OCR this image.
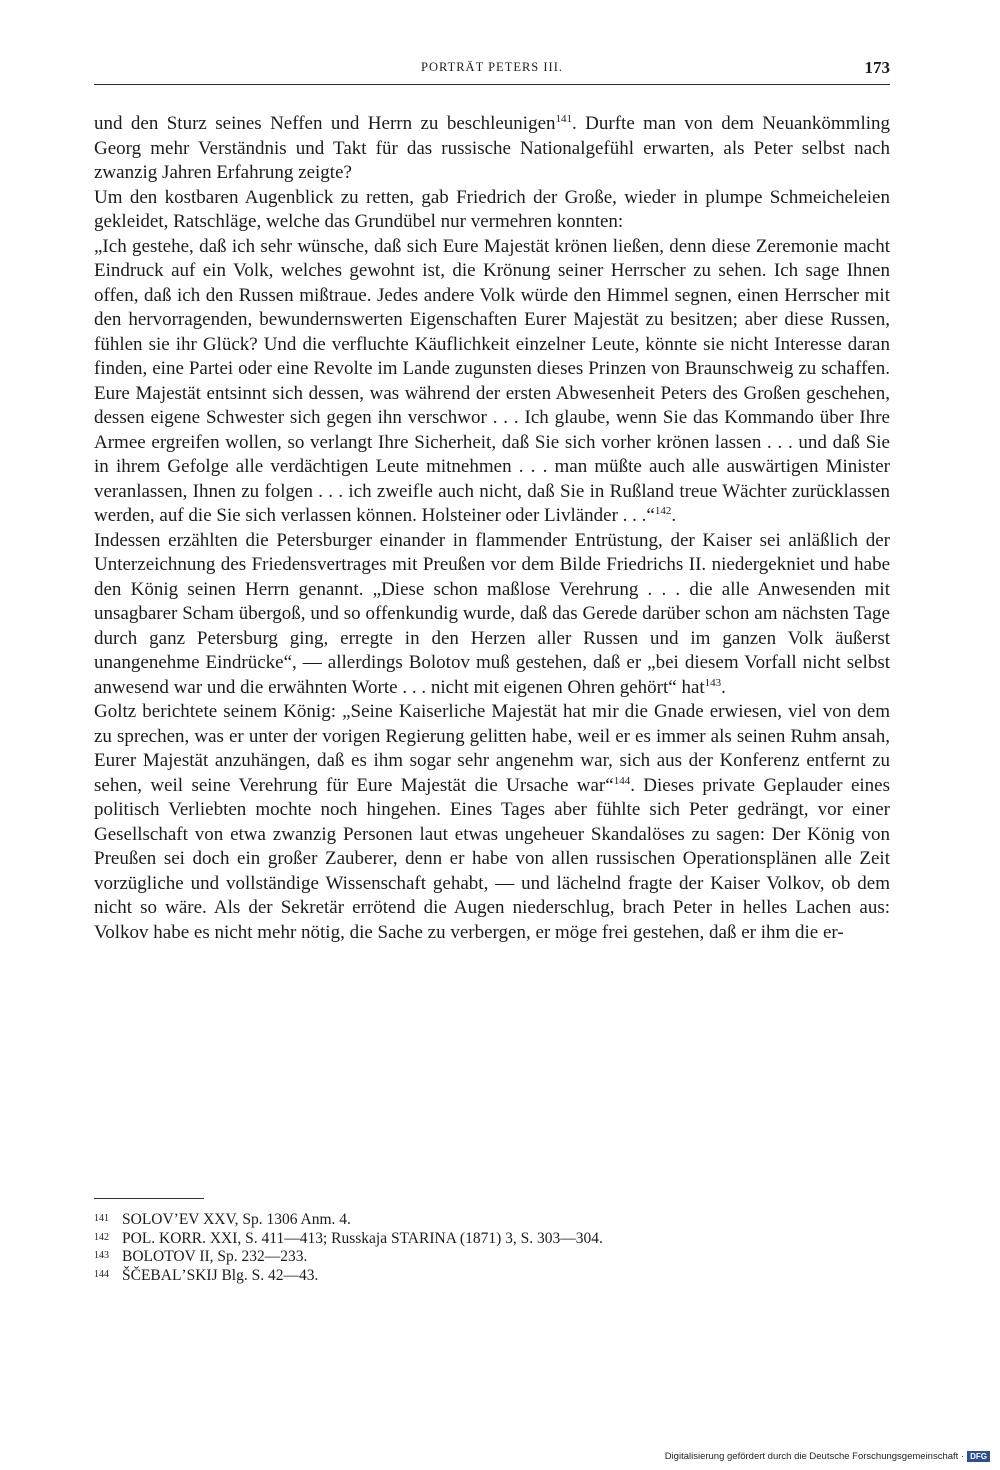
PORTRÄT PETERS III.	173

und den Sturz seines Neffen und Herrn zu beschleunigen$^{141}$. Durfte man von dem Neuankömmling Georg mehr Verständnis und Takt für das russische Nationalgefühl erwarten, als Peter selbst nach zwanzig Jahren Erfahrung zeigte?

Um den kostbaren Augenblick zu retten, gab Friedrich der Große, wieder in plumpe Schmeicheleien gekleidet, Ratschläge, welche das Grundübel nur vermehren konnten:

„Ich gestehe, daß ich sehr wünsche, daß sich Eure Majestät krönen ließen, denn diese Zeremonie macht Eindruck auf ein Volk, welches gewohnt ist, die Krönung seiner Herrscher zu sehen. Ich sage Ihnen offen, daß ich den Russen mißtraue. Jedes andere Volk würde den Himmel segnen, einen Herrscher mit den hervorragenden, bewundernswerten Eigenschaften Eurer Majestät zu besitzen; aber diese Russen, fühlen sie ihr Glück? Und die verfluchte Käuflichkeit einzelner Leute, könnte sie nicht Interesse daran finden, eine Partei oder eine Revolte im Lande zugunsten dieses Prinzen von Braunschweig zu schaffen. Eure Majestät entsinnt sich dessen, was während der ersten Abwesenheit Peters des Großen geschehen, dessen eigene Schwester sich gegen ihn verschwor . . . Ich glaube, wenn Sie das Kommando über Ihre Armee ergreifen wollen, so verlangt Ihre Sicherheit, daß Sie sich vorher krönen lassen . . . und daß Sie in ihrem Gefolge alle verdächtigen Leute mitnehmen . . . man müßte auch alle auswärtigen Minister veranlassen, Ihnen zu folgen . . . ich zweifle auch nicht, daß Sie in Rußland treue Wächter zurücklassen werden, auf die Sie sich verlassen können. Holsteiner oder Livländer . . .“$^{142}$.

Indessen erzählten die Petersburger einander in flammender Entrüstung, der Kaiser sei anläßlich der Unterzeichnung des Friedensvertrages mit Preußen vor dem Bilde Friedrichs II. niedergekniet und habe den König seinen Herrn genannt. „Diese schon maßlose Verehrung . . . die alle Anwesenden mit unsagbarer Scham übergoß, und so offenkundig wurde, daß das Gerede darüber schon am nächsten Tage durch ganz Petersburg ging, erregte in den Herzen aller Russen und im ganzen Volk äußerst unangenehme Eindrücke“, — allerdings Bolotov muß gestehen, daß er „bei diesem Vorfall nicht selbst anwesend war und die erwähnten Worte . . . nicht mit eigenen Ohren gehört“ hat$^{143}$.

Goltz berichtete seinem König: „Seine Kaiserliche Majestät hat mir die Gnade erwiesen, viel von dem zu sprechen, was er unter der vorigen Regierung gelitten habe, weil er es immer als seinen Ruhm ansah, Eurer Majestät anzuhängen, daß es ihm sogar sehr angenehm war, sich aus der Konferenz entfernt zu sehen, weil seine Verehrung für Eure Majestät die Ursache war“$^{144}$. Dieses private Geplauder eines politisch Verliebten mochte noch hingehen. Eines Tages aber fühlte sich Peter gedrängt, vor einer Gesellschaft von etwa zwanzig Personen laut etwas ungeheuer Skandalöses zu sagen: Der König von Preußen sei doch ein großer Zauberer, denn er habe von allen russischen Operationsplänen alle Zeit vorzügliche und vollständige Wissenschaft gehabt, — und lächelnd fragte der Kaiser Volkov, ob dem nicht so wäre. Als der Sekretär errötend die Augen niederschlug, brach Peter in helles Lachen aus: Volkov habe es nicht mehr nötig, die Sache zu verbergen, er möge frei gestehen, daß er ihm die er-

141 SOLOVʼEV XXV, Sp. 1306 Anm. 4.
142 POL. KORR. XXI, S. 411—413; Russkaja STARINA (1871) 3, S. 303—304.
143 BOLOTOV II, Sp. 232—233.
144 ŠČEBALʼSKIJ Blg. S. 42—43.
Digitalisierung gefördert durch die Deutsche Forschungsgemeinschaft · DFG
